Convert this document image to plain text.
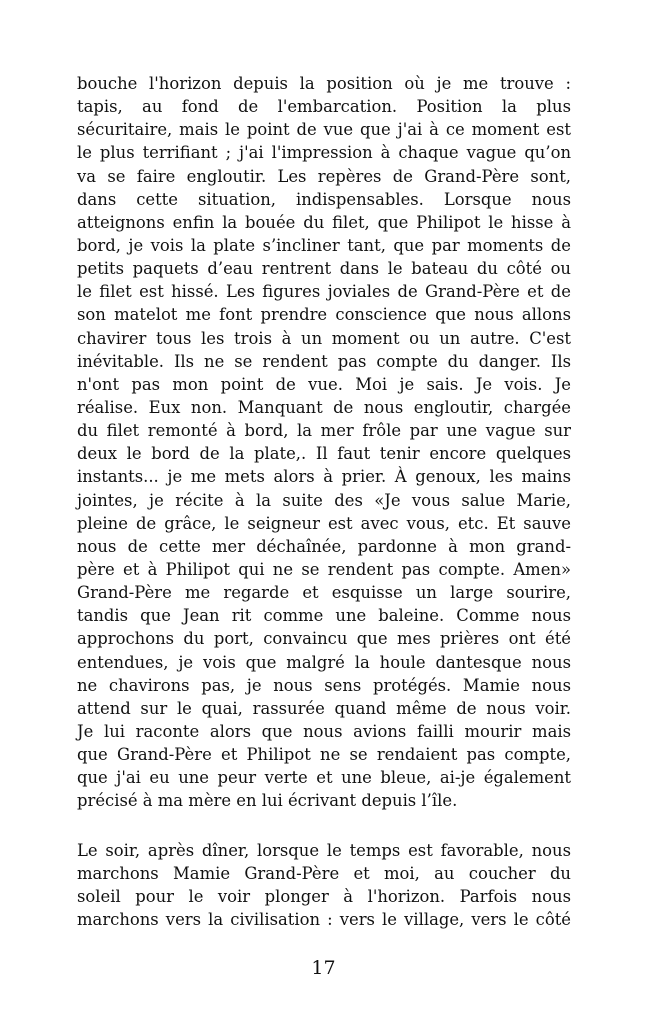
bouche l'horizon depuis la position où je me trouve :
tapis, au fond de l'embarcation. Position la plus
sécuritaire, mais le point de vue que j'ai à ce moment est
le plus terrifiant ; j'ai l'impression à chaque vague qu’on
va se faire engloutir. Les repères de Grand-Père sont,
dans cette situation, indispensables. Lorsque nous
atteignons enfin la bouée du filet, que Philipot le hisse à
bord, je vois la plate s’incliner tant, que par moments de
petits paquets d’eau rentrent dans le bateau du côté ou
le filet est hissé. Les figures joviales de Grand-Père et de
son matelot me font prendre conscience que nous allons
chavirer tous les trois à un moment ou un autre. C'est
inévitable. Ils ne se rendent pas compte du danger. Ils
n'ont pas mon point de vue. Moi je sais. Je vois. Je
réalise. Eux non. Manquant de nous engloutir, chargée
du filet remonté à bord, la mer frôle par une vague sur
deux le bord de la plate,. Il faut tenir encore quelques
instants... je me mets alors à prier. À genoux, les mains
jointes, je récite à la suite des «Je vous salue Marie,
pleine de grâce, le seigneur est avec vous, etc. Et sauve
nous de cette mer déchaînée, pardonne à mon grand-
père et à Philipot qui ne se rendent pas compte. Amen»
Grand-Père me regarde et esquisse un large sourire,
tandis que Jean rit comme une baleine. Comme nous
approchons du port, convaincu que mes prières ont été
entendues, je vois que malgré la houle dantesque nous
ne chavirons pas, je nous sens protégés. Mamie nous
attend sur le quai, rassurée quand même de nous voir.
Je lui raconte alors que nous avions failli mourir mais
que Grand-Père et Philipot ne se rendaient pas compte,
que j'ai eu une peur verte et une bleue, ai-je également
précisé à ma mère en lui écrivant depuis l’île.
Le soir, après dîner, lorsque le temps est favorable, nous
marchons Mamie Grand-Père et moi, au coucher du
soleil pour le voir plonger à l'horizon. Parfois nous
marchons vers la civilisation : vers le village, vers le côté
17
